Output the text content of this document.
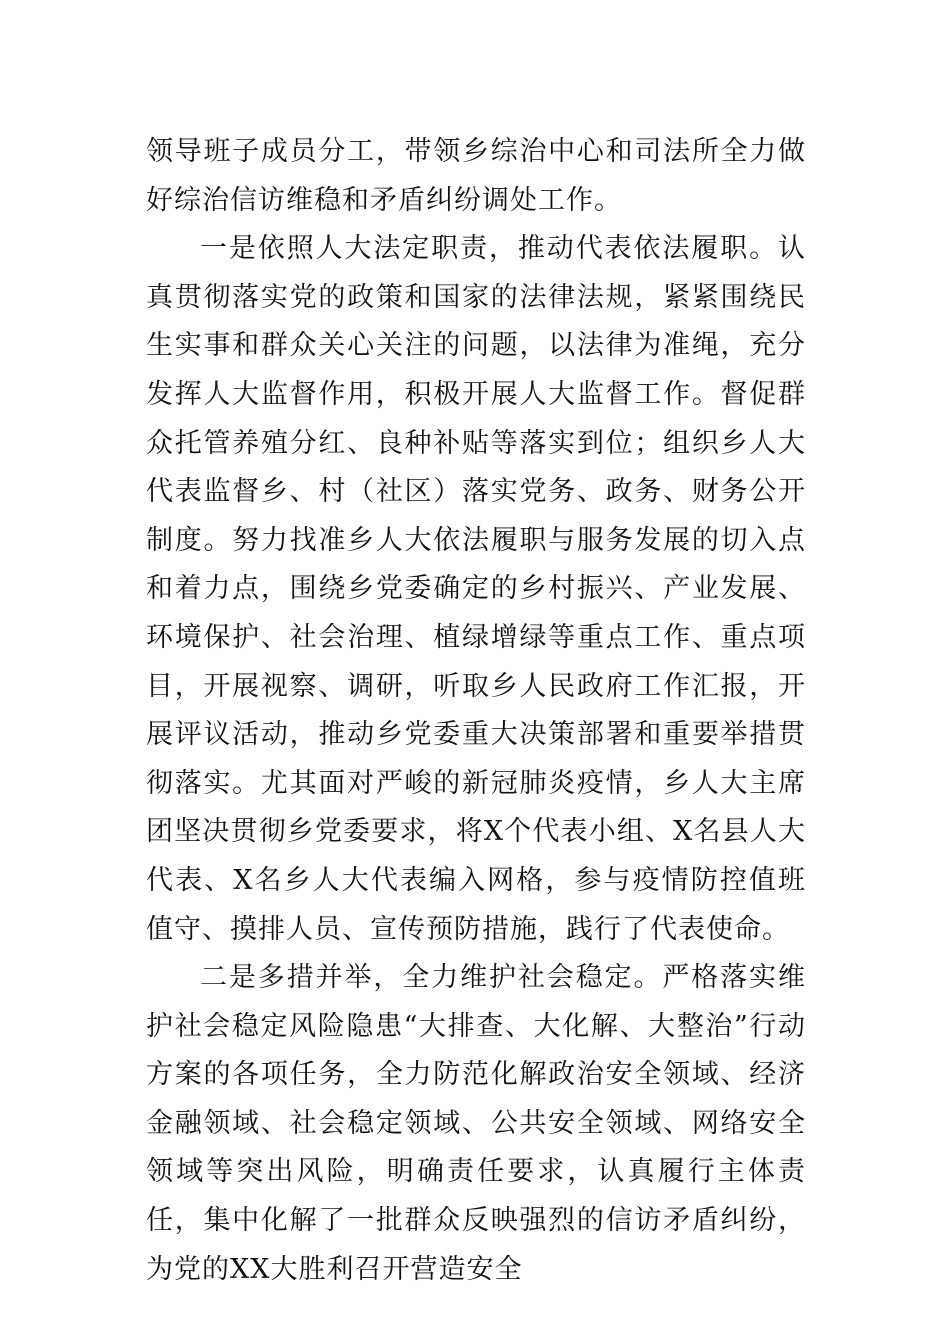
领导班子成员分工，带领乡综治中心和司法所全力做好综治信访维稳和矛盾纠纷调处工作。

一是依照人大法定职责，推动代表依法履职。认真贯彻落实党的政策和国家的法律法规，紧紧围绕民生实事和群众关心关注的问题，以法律为准绳，充分发挥人大监督作用，积极开展人大监督工作。督促群众托管养殖分红、良种补贴等落实到位；组织乡人大代表监督乡、村（社区）落实党务、政务、财务公开制度。努力找准乡人大依法履职与服务发展的切入点和着力点，围绕乡党委确定的乡村振兴、产业发展、环境保护、社会治理、植绿增绿等重点工作、重点项目，开展视察、调研，听取乡人民政府工作汇报，开展评议活动，推动乡党委重大决策部署和重要举措贯彻落实。尤其面对严峻的新冠肺炎疫情，乡人大主席团坚决贯彻乡党委要求，将X个代表小组、X名县人大代表、X名乡人大代表编入网格，参与疫情防控值班值守、摸排人员、宣传预防措施，践行了代表使命。

二是多措并举，全力维护社会稳定。严格落实维护社会稳定风险隐患“大排查、大化解、大整治”行动方案的各项任务，全力防范化解政治安全领域、经济金融领域、社会稳定领域、公共安全领域、网络安全领域等突出风险，明确责任要求，认真履行主体责任，集中化解了一批群众反映强烈的信访矛盾纠纷，为党的XX大胜利召开营造安全
